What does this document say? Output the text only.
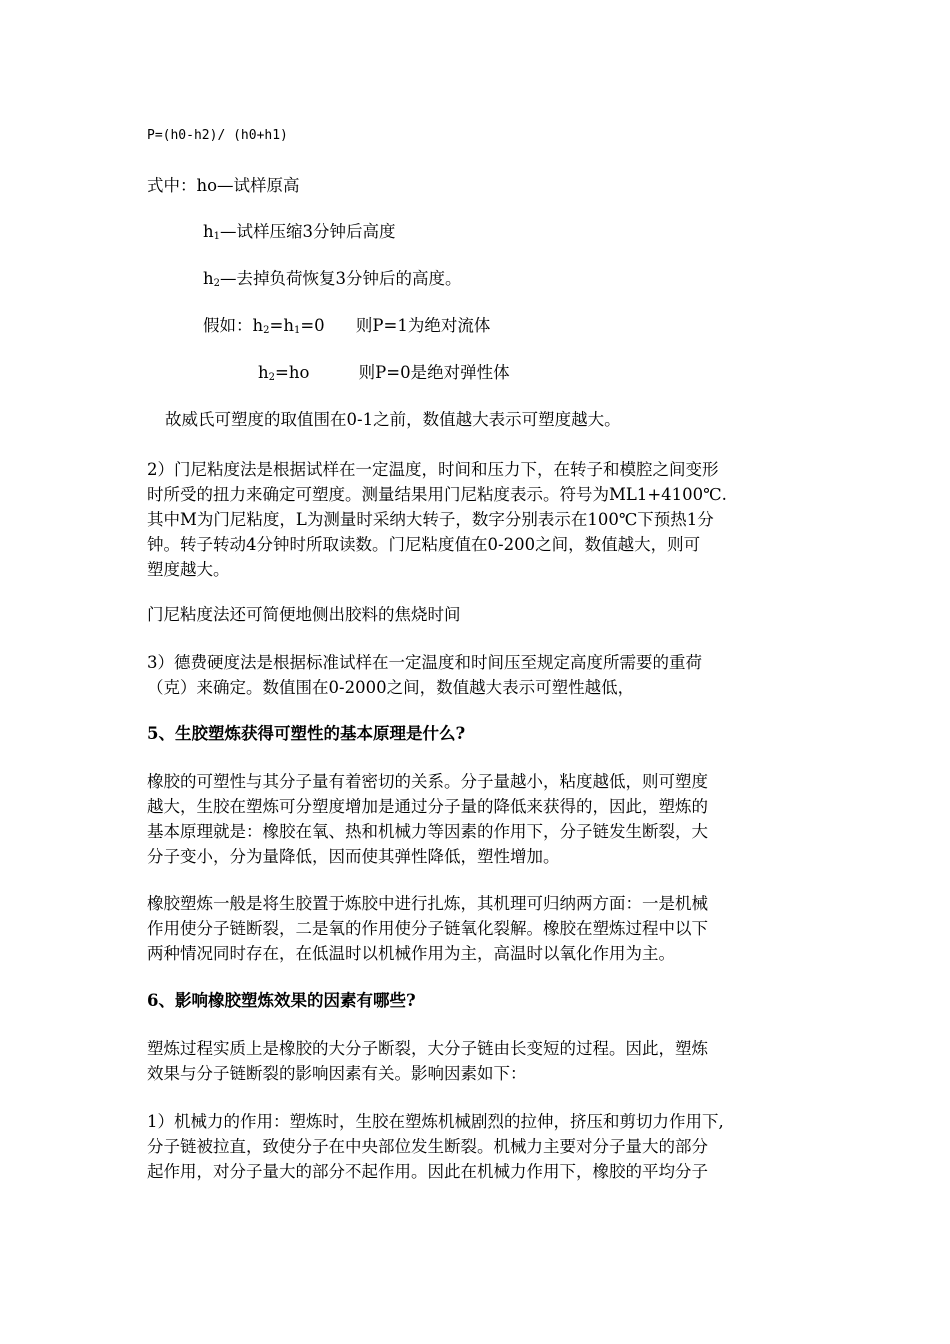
P=(h0-h2)/ (h0+h1)
式中：ho—试样原高
$h_1—$试样压缩3分钟后高度
$h_2—$去掉负荷恢复3分钟后的高度。
假如：$h_2=h_1=0$ 则P=1为绝对流体
$h_2=ho$	则P=0是绝对弹性体
故威氏可塑度的取值围在0-1之前，数值越大表示可塑度越大。
2）门尼粘度法是根据试样在一定温度，时间和压力下，在转子和模腔之间变形
时所受的扭力来确定可塑度。测量结果用门尼粘度表示。符号为ML1+4100℃.
其中M为门尼粘度，L为测量时采纳大转子，数字分别表示在100℃下预热1分
钟。转子转动4分钟时所取读数。门尼粘度值在0-200之间，数值越大，则可
塑度越大。
门尼粘度法还可简便地侧出胶料的焦烧时间
3）德费硬度法是根据标准试样在一定温度和时间压至规定高度所需要的重荷
（克）来确定。数值围在0-2000之间，数值越大表示可塑性越低，
5、生胶塑炼获得可塑性的基本原理是什么?
橡胶的可塑性与其分子量有着密切的关系。分子量越小，粘度越低，则可塑度
越大，生胶在塑炼可分塑度增加是通过分子量的降低来获得的，因此，塑炼的
基本原理就是：橡胶在氧、热和机械力等因素的作用下，分子链发生断裂，大
分子变小，分为量降低，因而使其弹性降低，塑性增加。
橡胶塑炼一般是将生胶置于炼胶中进行扎炼，其机理可归纳两方面：一是机械
作用使分子链断裂，二是氧的作用使分子链氧化裂解。橡胶在塑炼过程中以下
两种情况同时存在，在低温时以机械作用为主，高温时以氧化作用为主。
6、影响橡胶塑炼效果的因素有哪些?
塑炼过程实质上是橡胶的大分子断裂，大分子链由长变短的过程。因此，塑炼
效果与分子链断裂的影响因素有关。影响因素如下：
1）机械力的作用：塑炼时，生胶在塑炼机械剧烈的拉伸，挤压和剪切力作用下,
分子链被拉直，致使分子在中央部位发生断裂。机械力主要对分子量大的部分
起作用，对分子量大的部分不起作用。因此在机械力作用下，橡胶的平均分子
